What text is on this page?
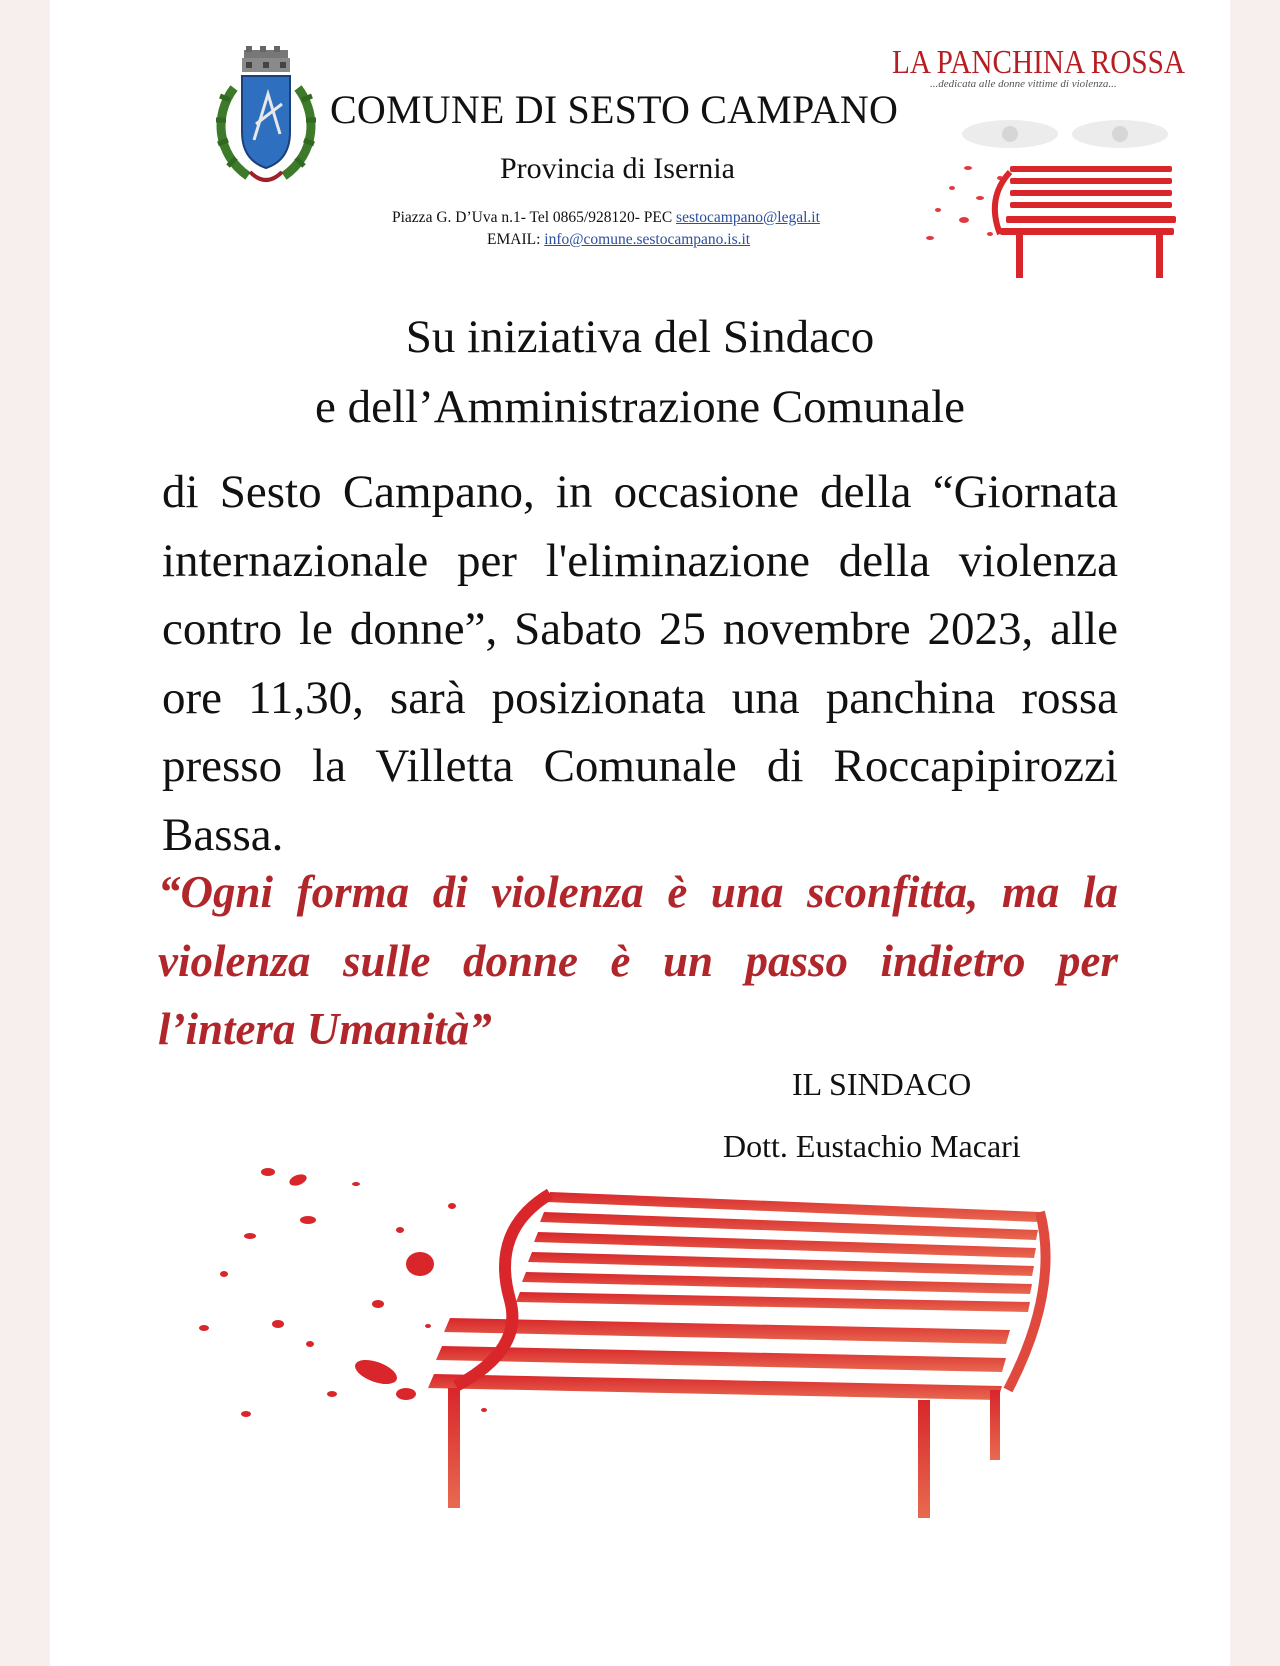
COMUNE DI SESTO CAMPANO
Provincia di Isernia
Piazza G. D’Uva n.1- Tel 0865/928120- PEC sestocampano@legal.it
EMAIL: info@comune.sestocampano.is.it
LA PANCHINA ROSSA
...dedicata alle donne vittime di violenza...
Su iniziativa del Sindaco
e dell’Amministrazione Comunale
di Sesto Campano, in occasione della “Giornata internazionale per l'eliminazione della violenza contro le donne”, Sabato 25 novembre 2023, alle ore 11,30, sarà posizionata una panchina rossa presso la Villetta Comunale di Roccapipirozzi Bassa.
“Ogni forma di violenza è una sconfitta, ma la violenza sulle donne è un passo indietro per l’intera Umanità”
IL SINDACO
Dott. Eustachio Macari
